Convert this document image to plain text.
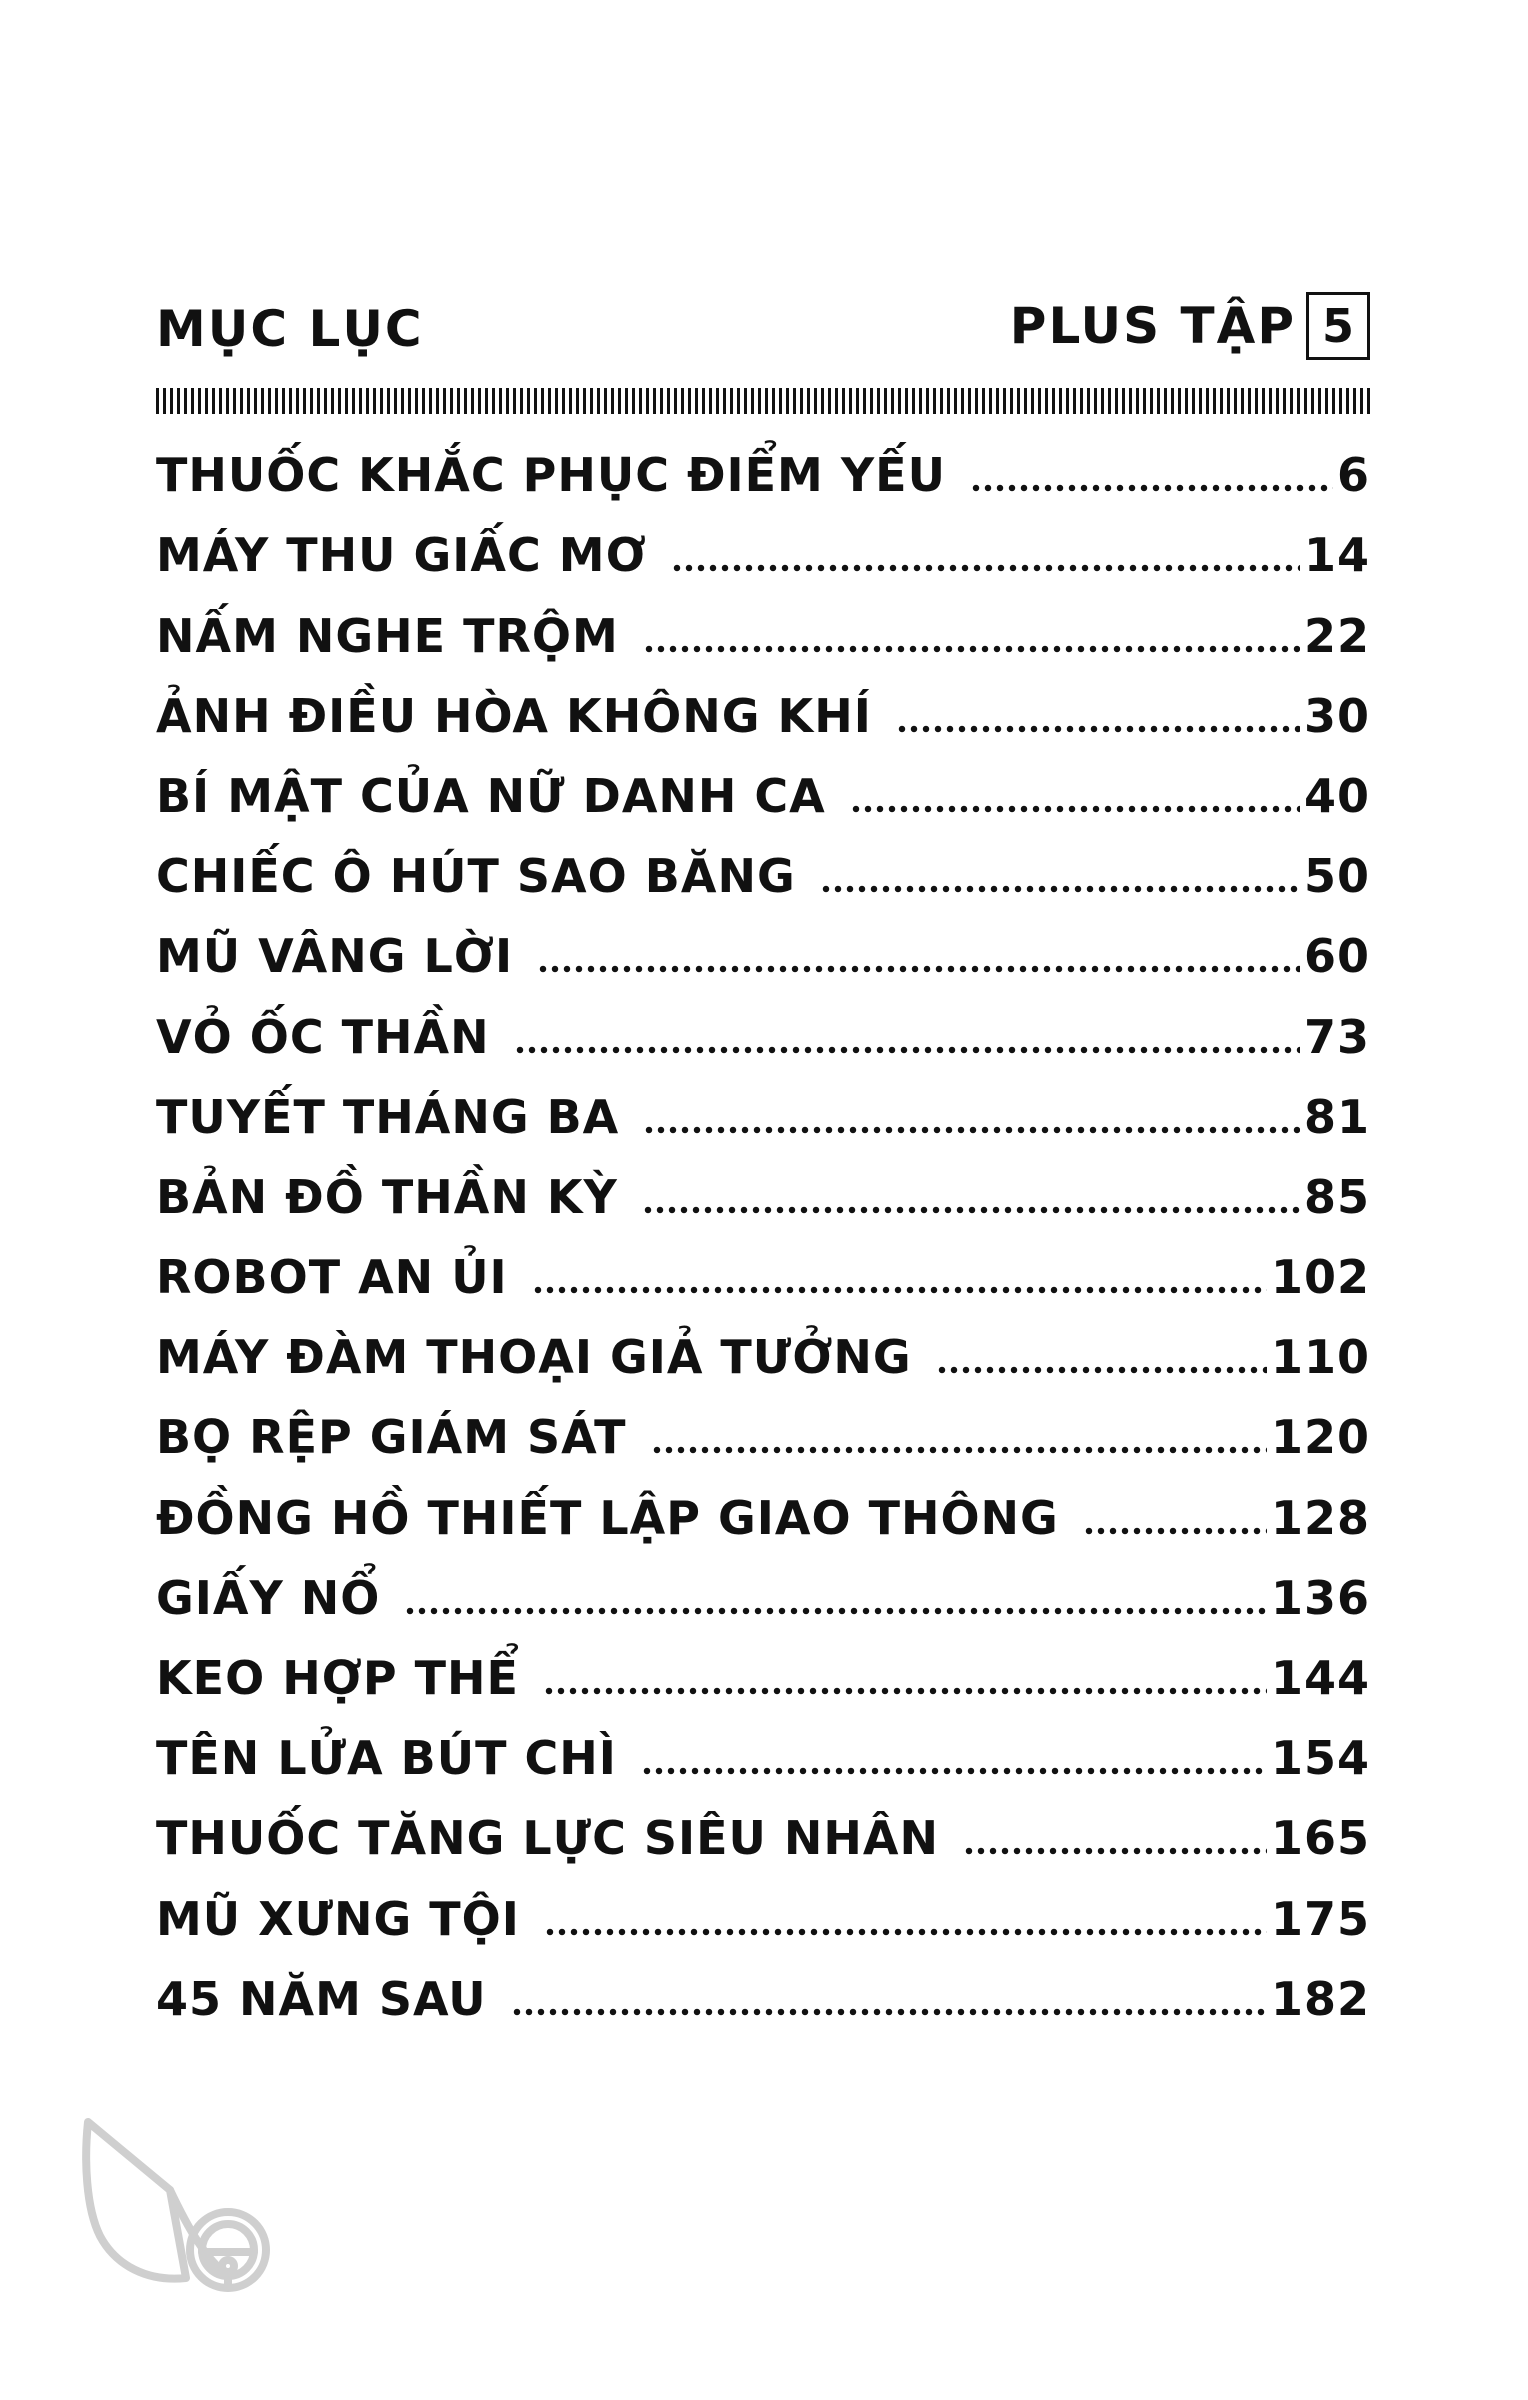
MỤC LỤC	PLUS TẬP 5
THUỐC KHẮC PHỤC ĐIỂM YẾU	6
MÁY THU GIẤC MƠ	14
NẤM NGHE TRỘM	22
ẢNH ĐIỀU HÒA KHÔNG KHÍ	30
BÍ MẬT CỦA NỮ DANH CA	40
CHIẾC Ô HÚT SAO BĂNG	50
MŨ VÂNG LỜI	60
VỎ ỐC THẦN	73
TUYẾT THÁNG BA	81
BẢN ĐỒ THẦN KỲ	85
ROBOT AN ỦI	102
MÁY ĐÀM THOẠI GIẢ TƯỞNG	110
BỌ RỆP GIÁM SÁT	120
ĐỒNG HỒ THIẾT LẬP GIAO THÔNG	128
GIẤY NỔ	136
KEO HỢP THỂ	144
TÊN LỬA BÚT CHÌ	154
THUỐC TĂNG LỰC SIÊU NHÂN	165
MŨ XƯNG TỘI	175
45 NĂM SAU	182
